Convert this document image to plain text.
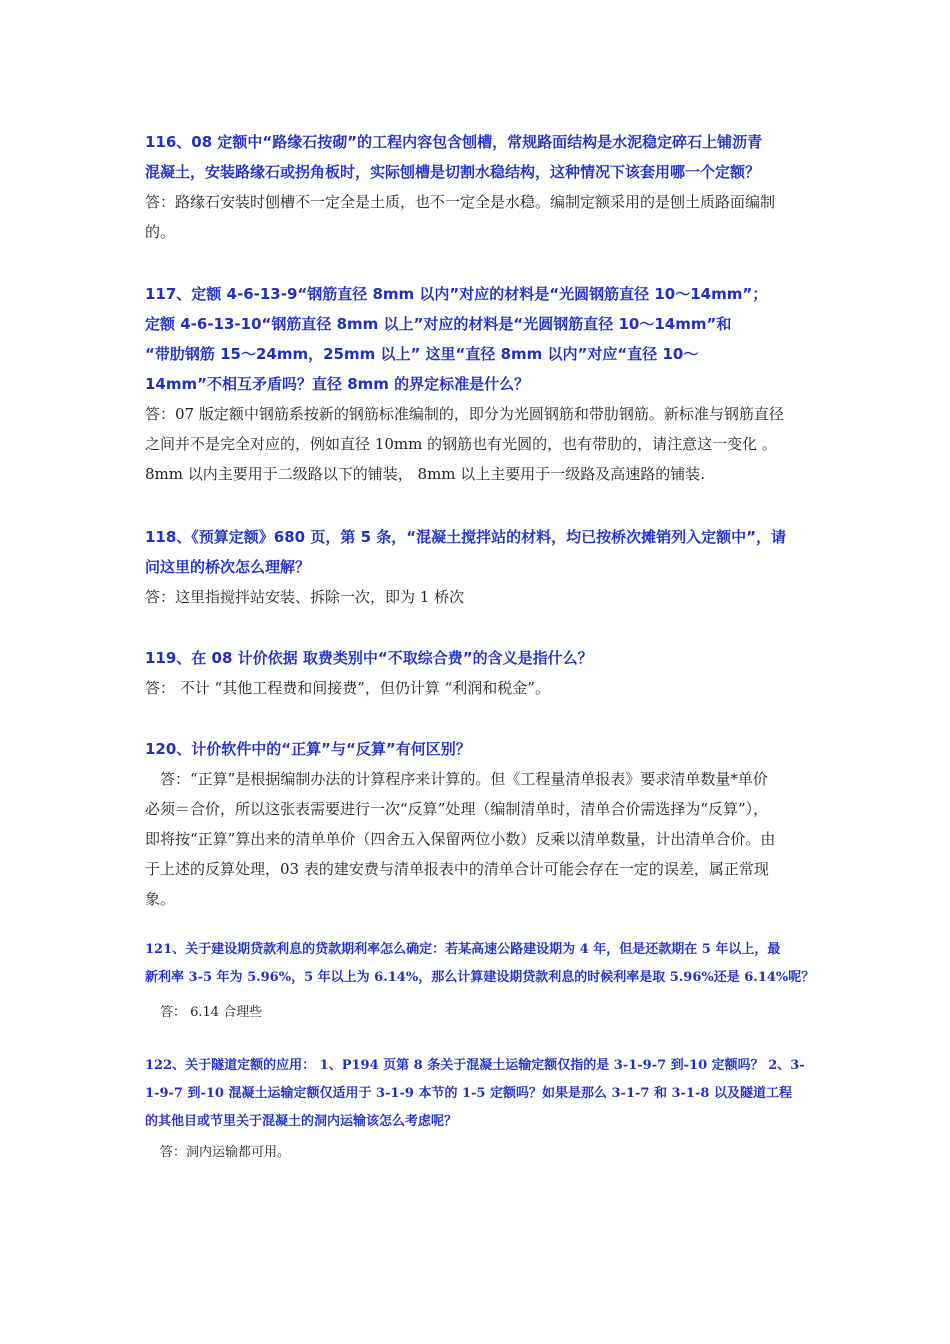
116、08 定额中“路缘石按砌”的工程内容包含刨槽，常规路面结构是水泥稳定碎石上铺沥青
混凝土，安装路缘石或拐角板时，实际刨槽是切割水稳结构，这种情况下该套用哪一个定额？

答：路缘石安装时刨槽不一定全是土质，也不一定全是水稳。编制定额采用的是刨土质路面编制
的。

117、定额 4-6-13-9“钢筋直径 8mm 以内”对应的材料是“光圆钢筋直径 10～14mm”；
定额 4-6-13-10“钢筋直径 8mm 以上”对应的材料是“光圆钢筋直径 10～14mm”和
“带肋钢筋 15～24mm，25mm 以上” 这里“直径 8mm 以内”对应“直径 10～
14mm”不相互矛盾吗？直径 8mm 的界定标准是什么？

答：07 版定额中钢筋系按新的钢筋标准编制的，即分为光圆钢筋和带肋钢筋。新标准与钢筋直径
之间并不是完全对应的，例如直径 10mm 的钢筋也有光圆的，也有带肋的，请注意这一变化 。
8mm 以内主要用于二级路以下的铺装， 8mm 以上主要用于一级路及高速路的铺装.

118、《预算定额》680 页，第 5 条，“混凝土搅拌站的材料，均已按桥次摊销列入定额中”，请
问这里的桥次怎么理解？

答：这里指搅拌站安装、拆除一次，即为 1 桥次

119、在 08 计价依据 取费类别中“不取综合费”的含义是指什么？

答： 不计 “其他工程费和间接费”，但仍计算 “利润和税金”。

120、计价软件中的“正算”与“反算”有何区别？

答：“正算”是根据编制办法的计算程序来计算的。但《工程量清单报表》要求清单数量*单价
必须＝合价，所以这张表需要进行一次“反算”处理（编制清单时，清单合价需选择为“反算”），
即将按“正算”算出来的清单单价（四舍五入保留两位小数）反乘以清单数量，计出清单合价。由
于上述的反算处理，03 表的建安费与清单报表中的清单合计可能会存在一定的误差，属正常现
象。

121、关于建设期贷款利息的贷款期利率怎么确定：若某高速公路建设期为 4 年，但是还款期在 5 年以上，最
新利率 3-5 年为 5.96%，5 年以上为 6.14%，那么计算建设期贷款利息的时候利率是取 5.96%还是 6.14%呢？

答： 6.14 合理些

122、关于隧道定额的应用： 1、P194 页第 8 条关于混凝土运输定额仅指的是 3-1-9-7 到-10 定额吗？ 2、3-
1-9-7 到-10 混凝土运输定额仅适用于 3-1-9 本节的 1-5 定额吗？如果是那么 3-1-7 和 3-1-8 以及隧道工程
的其他目或节里关于混凝土的洞内运输该怎么考虑呢？

答：洞内运输都可用。
